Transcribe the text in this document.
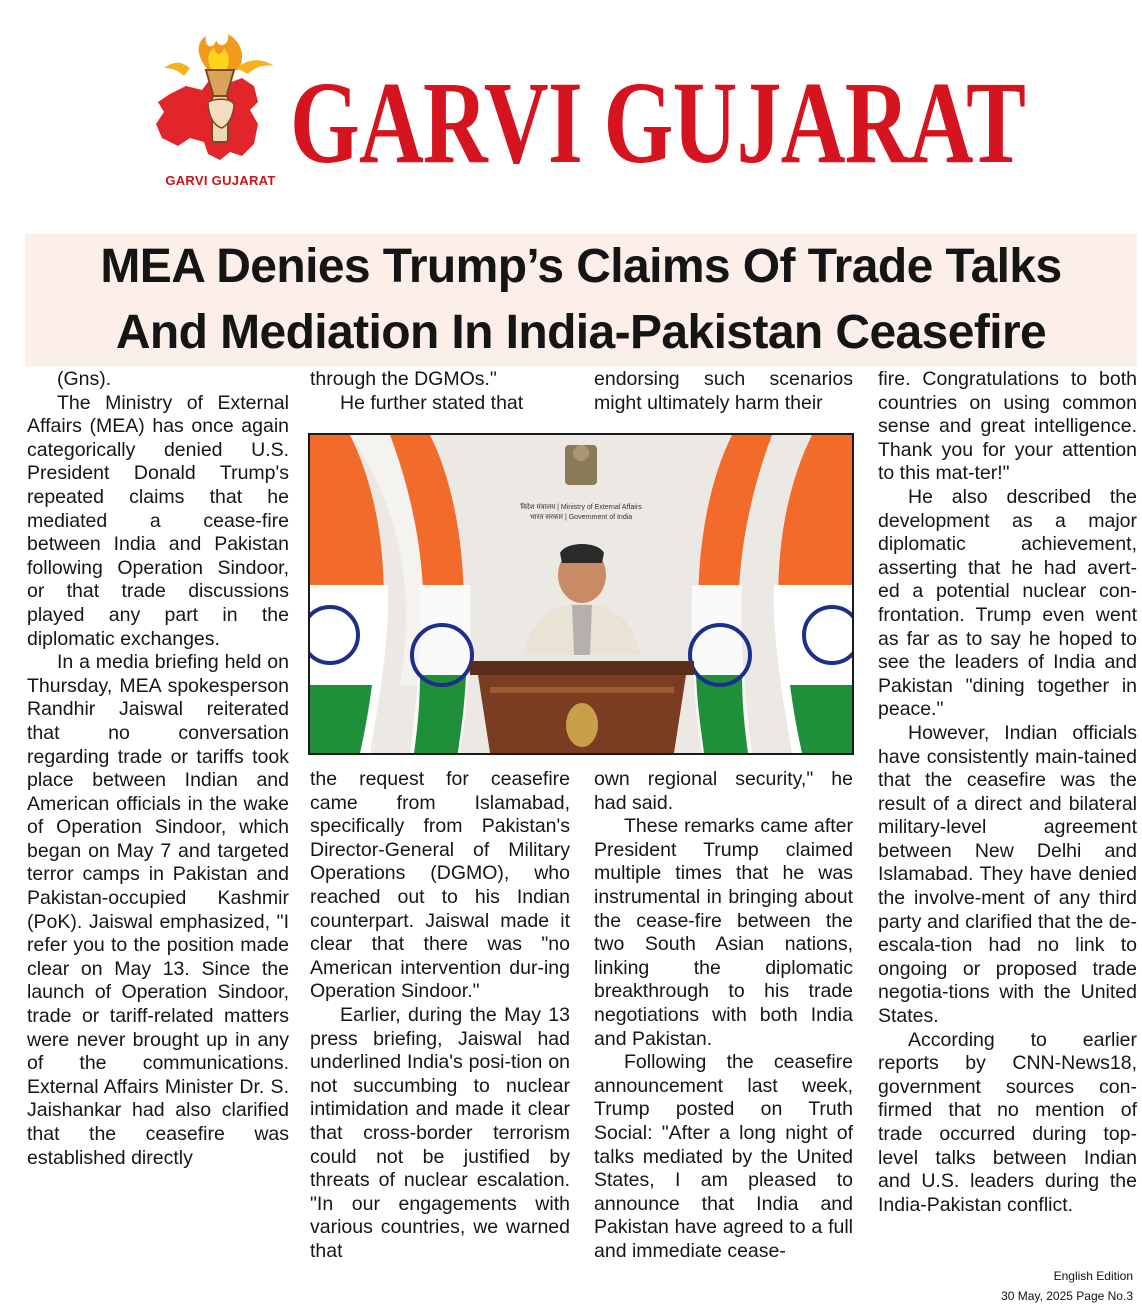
GARVI GUJARAT GARVI GUJARAT
MEA Denies Trump’s Claims Of Trade Talks
And Mediation In India-Pakistan Ceasefire

(Gns).

The Ministry of External Affairs (MEA) has once again categorically denied U.S. President Donald Trump's repeated claims that he mediated a cease-fire between India and Pakistan following Operation Sindoor, or that trade discussions played any part in the diplomatic exchanges.

In a media briefing held on Thursday, MEA spokesperson Randhir Jaiswal reiterated that no conversation regarding trade or tariffs took place between Indian and American officials in the wake of Operation Sindoor, which began on May 7 and targeted terror camps in Pakistan and Pakistan-occupied Kashmir (PoK). Jaiswal emphasized, "I refer you to the position made clear on May 13. Since the launch of Operation Sindoor, trade or tariff-related matters were never brought up in any of the communications. External Affairs Minister Dr. S. Jaishankar had also clarified that the ceasefire was established directly

through the DGMOs."

He further stated that

the request for ceasefire came from Islamabad, specifically from Pakistan's Director-General of Military Operations (DGMO), who reached out to his Indian counterpart. Jaiswal made it clear that there was "no American intervention dur-ing Operation Sindoor."

Earlier, during the May 13 press briefing, Jaiswal had underlined India's posi-tion on not succumbing to nuclear intimidation and made it clear that cross-border terrorism could not be justified by threats of nuclear escalation. "In our engagements with various countries, we warned that

endorsing such scenarios might ultimately harm their

own regional security," he had said.

These remarks came after President Trump claimed multiple times that he was instrumental in bringing about the cease-fire between the two South Asian nations, linking the diplomatic breakthrough to his trade negotiations with both India and Pakistan.

Following the ceasefire announcement last week, Trump posted on Truth Social: "After a long night of talks mediated by the United States, I am pleased to announce that India and Pakistan have agreed to a full and immediate cease-

fire. Congratulations to both countries on using common sense and great intelligence. Thank you for your attention to this mat-ter!"

He also described the development as a major diplomatic achievement, asserting that he had avert-ed a potential nuclear con-frontation. Trump even went as far as to say he hoped to see the leaders of India and Pakistan "dining together in peace."

However, Indian officials have consistently main-tained that the ceasefire was the result of a direct and bilateral military-level agreement between New Delhi and Islamabad. They have denied the involve-ment of any third party and clarified that the de-escala-tion had no link to ongoing or proposed trade negotia-tions with the United States.

According to earlier reports by CNN-News18, government sources con-firmed that no mention of trade occurred during top-level talks between Indian and U.S. leaders during the India-Pakistan conflict.

विदेश मंत्रालय | Ministry of External Affairs
भारत सरकार | Government of India
English Edition
30 May, 2025 Page No.3
